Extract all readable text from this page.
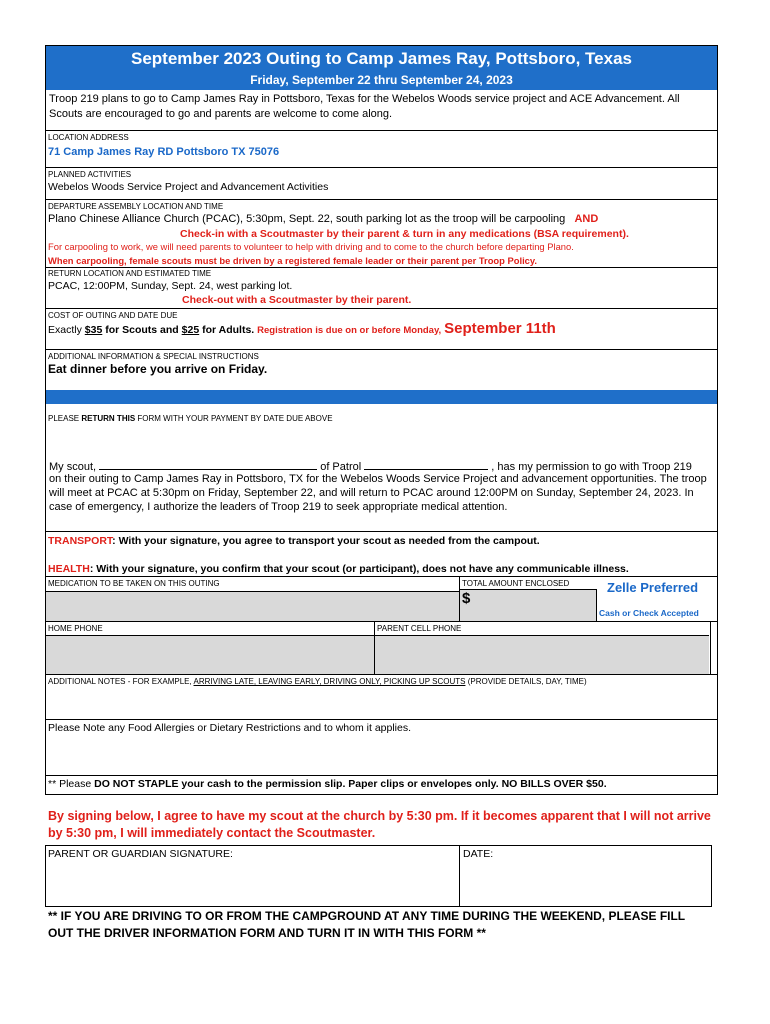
September 2023 Outing to Camp James Ray, Pottsboro, Texas
Friday, September 22 thru September 24, 2023
Troop 219 plans to go to Camp James Ray in Pottsboro, Texas for the Webelos Woods service project and ACE Advancement. All Scouts are encouraged to go and parents are welcome to come along.
LOCATION ADDRESS
71 Camp James Ray RD Pottsboro TX 75076
PLANNED ACTIVITIES
Webelos Woods Service Project and Advancement Activities
DEPARTURE ASSEMBLY LOCATION AND TIME
Plano Chinese Alliance Church (PCAC), 5:30pm, Sept. 22, south parking lot as the troop will be carpooling AND
Check-in with a Scoutmaster by their parent & turn in any medications (BSA requirement).
For carpooling to work, we will need parents to volunteer to help with driving and to come to the church before departing Plano.
When carpooling, female scouts must be driven by a registered female leader or their parent per Troop Policy.
RETURN LOCATION AND ESTIMATED TIME
PCAC, 12:00PM, Sunday, Sept. 24, west parking lot.
Check-out with a Scoutmaster by their parent.
COST OF OUTING AND DATE DUE
Exactly $35 for Scouts and $25 for Adults. Registration is due on or before Monday, September 11th
ADDITIONAL INFORMATION & SPECIAL INSTRUCTIONS
Eat dinner before you arrive on Friday.
PLEASE RETURN THIS FORM WITH YOUR PAYMENT BY DATE DUE ABOVE
My scout,	of Patrol	, has my permission to go with Troop 219
on their outing to Camp James Ray in Pottsboro, TX for the Webelos Woods Service Project and advancement opportunities. The troop will meet at PCAC at 5:30pm on Friday, September 22, and will return to PCAC around 12:00PM on Sunday, September 24, 2023. In case of emergency, I authorize the leaders of Troop 219 to seek appropriate medical attention.
TRANSPORT: With your signature, you agree to transport your scout as needed from the campout.
HEALTH: With your signature, you confirm that your scout (or participant), does not have any communicable illness.
MEDICATION TO BE TAKEN ON THIS OUTING	TOTAL AMOUNT ENCLOSED
$
Zelle Preferred
Cash or Check Accepted
HOME PHONE	PARENT CELL PHONE
ADDITIONAL NOTES - FOR EXAMPLE, ARRIVING LATE, LEAVING EARLY, DRIVING ONLY, PICKING UP SCOUTS (PROVIDE DETAILS, DAY, TIME)
Please Note any Food Allergies or Dietary Restrictions and to whom it applies.
** Please DO NOT STAPLE your cash to the permission slip. Paper clips or envelopes only. NO BILLS OVER $50.
By signing below, I agree to have my scout at the church by 5:30 pm. If it becomes apparent that I will not arrive by 5:30 pm, I will immediately contact the Scoutmaster.
PARENT OR GUARDIAN SIGNATURE:	DATE:
** IF YOU ARE DRIVING TO OR FROM THE CAMPGROUND AT ANY TIME DURING THE WEEKEND, PLEASE FILL OUT THE DRIVER INFORMATION FORM AND TURN IT IN WITH THIS FORM **
